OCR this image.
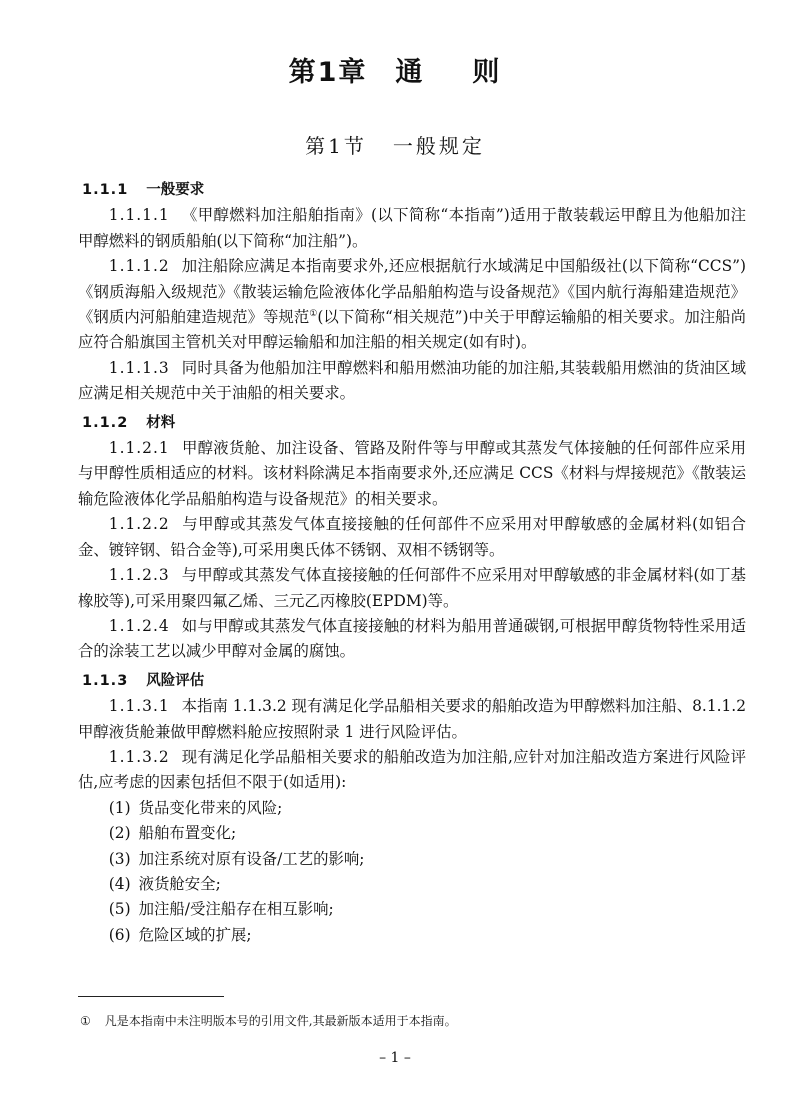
第1章 通 则
第1节 一般规定
1.1.1 一般要求

1.1.1.1 《甲醇燃料加注船舶指南》(以下简称“本指南”)适用于散装载运甲醇且为他船加注甲醇燃料的钢质船舶(以下简称“加注船”)。

1.1.1.2 加注船除应满足本指南要求外,还应根据航行水域满足中国船级社(以下简称“CCS”)《钢质海船入级规范》《散装运输危险液体化学品船舶构造与设备规范》《国内航行海船建造规范》《钢质内河船舶建造规范》等规范①(以下简称“相关规范”)中关于甲醇运输船的相关要求。加注船尚应符合船旗国主管机关对甲醇运输船和加注船的相关规定(如有时)。

1.1.1.3 同时具备为他船加注甲醇燃料和船用燃油功能的加注船,其装载船用燃油的货油区域应满足相关规范中关于油船的相关要求。

1.1.2 材料

1.1.2.1 甲醇液货舱、加注设备、管路及附件等与甲醇或其蒸发气体接触的任何部件应采用与甲醇性质相适应的材料。该材料除满足本指南要求外,还应满足 CCS《材料与焊接规范》《散装运输危险液体化学品船舶构造与设备规范》的相关要求。

1.1.2.2 与甲醇或其蒸发气体直接接触的任何部件不应采用对甲醇敏感的金属材料(如铝合金、镀锌钢、铅合金等),可采用奥氏体不锈钢、双相不锈钢等。

1.1.2.3 与甲醇或其蒸发气体直接接触的任何部件不应采用对甲醇敏感的非金属材料(如丁基橡胶等),可采用聚四氟乙烯、三元乙丙橡胶(EPDM)等。

1.1.2.4 如与甲醇或其蒸发气体直接接触的材料为船用普通碳钢,可根据甲醇货物特性采用适合的涂装工艺以减少甲醇对金属的腐蚀。

1.1.3 风险评估

1.1.3.1 本指南 1.1.3.2 现有满足化学品船相关要求的船舶改造为甲醇燃料加注船、8.1.1.2 甲醇液货舱兼做甲醇燃料舱应按照附录 1 进行风险评估。

1.1.3.2 现有满足化学品船相关要求的船舶改造为加注船,应针对加注船改造方案进行风险评估,应考虑的因素包括但不限于(如适用):

(1) 货品变化带来的风险;

(2) 船舶布置变化;

(3) 加注系统对原有设备/工艺的影响;

(4) 液货舱安全;

(5) 加注船/受注船存在相互影响;

(6) 危险区域的扩展;

① 凡是本指南中未注明版本号的引用文件,其最新版本适用于本指南。
– 1 –
